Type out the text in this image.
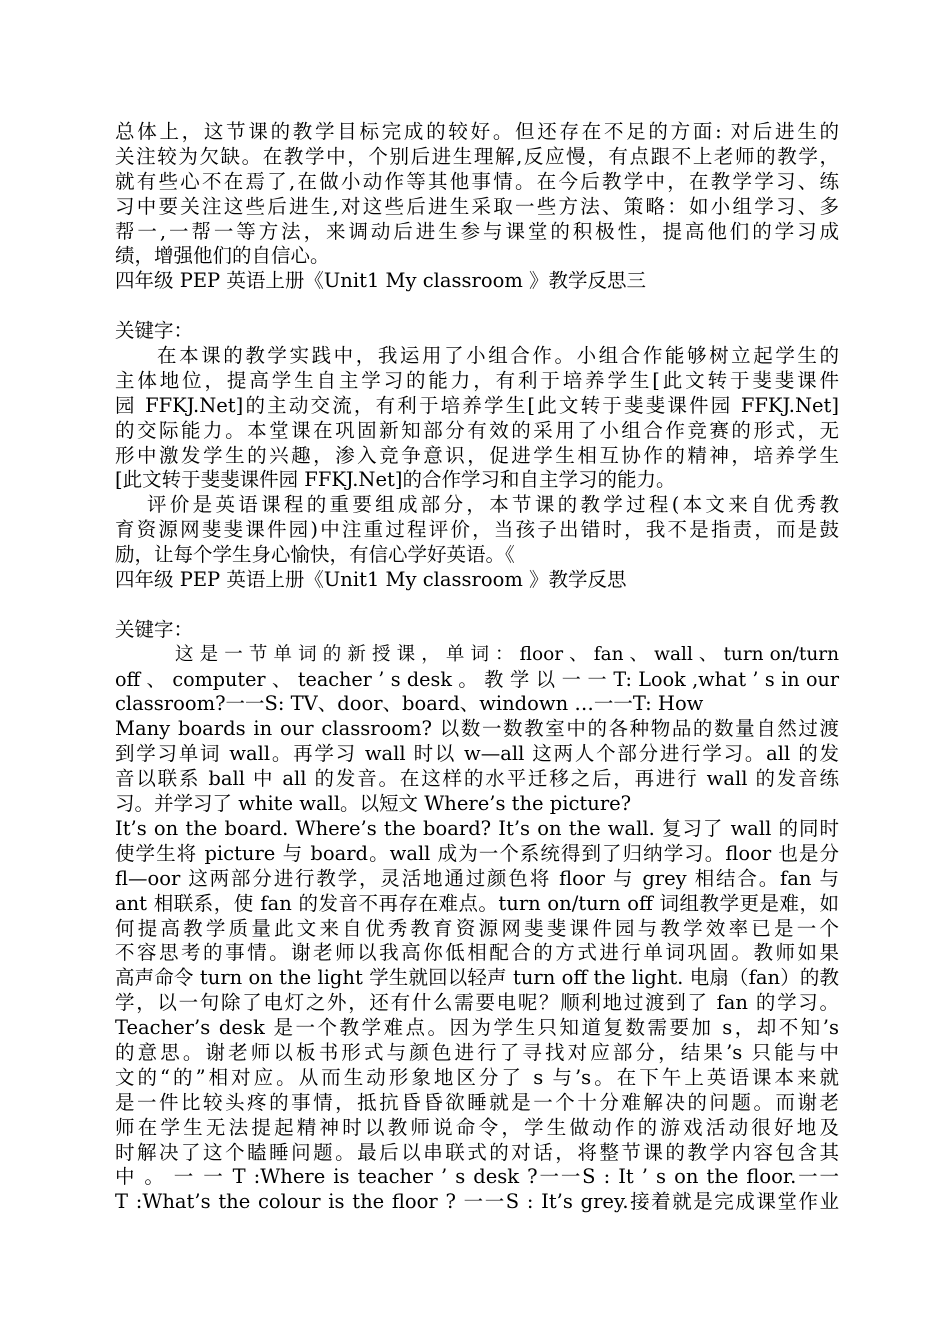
总体上，这节课的教学目标完成的较好。但还存在不足的方面: 对后进生的
关注较为欠缺。在教学中，个别后进生理解,反应慢，有点跟不上老师的教学，
就有些心不在焉了,在做小动作等其他事情。在今后教学中，在教学学习、练
习中要关注这些后进生,对这些后进生采取一些方法、策略：如小组学习、多
帮一,一帮一等方法，来调动后进生参与课堂的积极性，提高他们的学习成
绩，增强他们的自信心。
四年级 PEP 英语上册《Unit1 My classroom 》教学反思三
关键字：
在本课的教学实践中，我运用了小组合作。小组合作能够树立起学生的
主体地位，提高学生自主学习的能力，有利于培养学生[此文转于斐斐课件
园 FFKJ.Net]的主动交流，有利于培养学生[此文转于斐斐课件园 FFKJ.Net]
的交际能力。本堂课在巩固新知部分有效的采用了小组合作竞赛的形式，无
形中激发学生的兴趣，渗入竞争意识，促进学生相互协作的精神，培养学生
[此文转于斐斐课件园 FFKJ.Net]的合作学习和自主学习的能力。
评价是英语课程的重要组成部分，本节课的教学过程(本文来自优秀教
育资源网斐斐课件园)中注重过程评价，当孩子出错时，我不是指责，而是鼓
励，让每个学生身心愉快，有信心学好英语。《
四年级 PEP 英语上册《Unit1 My classroom 》教学反思
关键字：
这 是 一 节 单 词 的 新 授 课 ， 单 词 ： floor 、 fan 、 wall 、 turn on/turn
off 、 computer 、 teacher ’ s desk 。 教 学 以 一 一 T: Look ,what ’ s in our
classroom?一一S: TV、door、board、windown …一一T: How
Many boards in our classroom? 以数一数教室中的各种物品的数量自然过渡
到学习单词 wall。再学习 wall 时以 w—all 这两人个部分进行学习。all 的发
音以联系 ball 中 all 的发音。在这样的水平迁移之后，再进行 wall 的发音练
习。并学习了 white wall。以短文 Where’s the picture?
It’s on the board. Where’s the board? It’s on the wall. 复习了 wall 的同时
使学生将 picture 与 board。wall 成为一个系统得到了归纳学习。floor 也是分
fl—oor 这两部分进行教学，灵活地通过颜色将 floor 与 grey 相结合。fan 与
ant 相联系，使 fan 的发音不再存在难点。turn on/turn off 词组教学更是难，如
何提高教学质量此文来自优秀教育资源网斐斐课件园与教学效率已是一个
不容思考的事情。谢老师以我高你低相配合的方式进行单词巩固。教师如果
高声命令 turn on the light 学生就回以轻声 turn off the light. 电扇（fan）的教
学，以一句除了电灯之外，还有什么需要电呢？顺利地过渡到了 fan 的学习。
Teacher’s desk 是一个教学难点。因为学生只知道复数需要加 s，却不知’s
的意思。谢老师以板书形式与颜色进行了寻找对应部分，结果’s 只能与中
文的“的”相对应。从而生动形象地区分了 s 与’s。在下午上英语课本来就
是一件比较头疼的事情，抵抗昏昏欲睡就是一个十分难解决的问题。而谢老
师在学生无法提起精神时以教师说命令，学生做动作的游戏活动很好地及
时解决了这个瞌睡问题。最后以串联式的对话，将整节课的教学内容包含其
中 。 一 一 T :Where is teacher ’ s desk ?一一S : It ’ s on the floor.一一
T :What’s the colour is the floor ? 一一S : It’s grey.接着就是完成课堂作业
